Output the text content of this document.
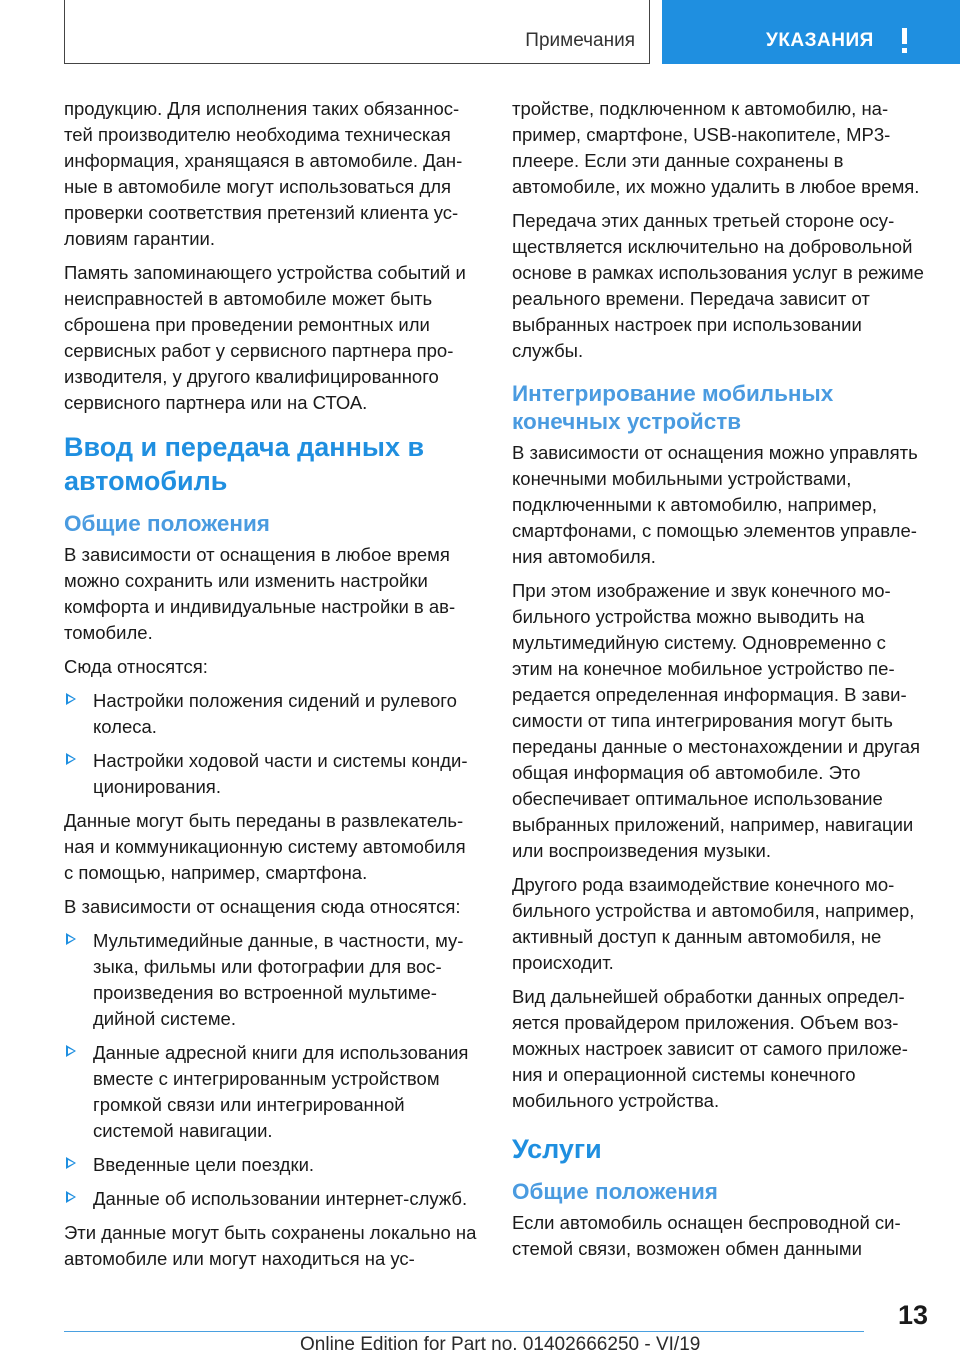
Примечания	УКАЗАНИЯ

продукцию. Для исполнения таких обязанностей производителю необходима техническая информация, хранящаяся в автомобиле. Данные в автомобиле могут использоваться для проверки соответствия претензий клиента условиям гарантии.

Память запоминающего устройства событий и неисправностей в автомобиле может быть сброшена при проведении ремонтных или сервисных работ у сервисного партнера производителя, у другого квалифицированного сервисного партнера или на СТОА.

Ввод и передача данных в автомобиль
Общие положения

В зависимости от оснащения в любое время можно сохранить или изменить настройки комфорта и индивидуальные настройки в автомобиле.

Сюда относятся:

Настройки положения сидений и рулевого колеса.
Настройки ходовой части и системы кондиционирования.

Данные могут быть переданы в развлекательная и коммуникационную систему автомобиля с помощью, например, смартфона.

В зависимости от оснащения сюда относятся:

Мультимедийные данные, в частности, музыка, фильмы или фотографии для воспроизведения во встроенной мультимедийной системе.
Данные адресной книги для использования вместе с интегрированным устройством громкой связи или интегрированной системой навигации.
Введенные цели поездки.
Данные об использовании интернет-служб.

Эти данные могут быть сохранены локально на автомобиле или могут находиться на ус-

тройстве, подключенном к автомобилю, например, смартфоне, USB-накопителе, MP3-плеере. Если эти данные сохранены в автомобиле, их можно удалить в любое время.

Передача этих данных третьей стороне осуществляется исключительно на добровольной основе в рамках использования услуг в режиме реального времени. Передача зависит от выбранных настроек при использовании службы.

Интегрирование мобильных конечных устройств

В зависимости от оснащения можно управлять конечными мобильными устройствами, подключенными к автомобилю, например, смартфонами, с помощью элементов управления автомобиля.

При этом изображение и звук конечного мобильного устройства можно выводить на мультимедийную систему. Одновременно с этим на конечное мобильное устройство передается определенная информация. В зависимости от типа интегрирования могут быть переданы данные о местонахождении и другая общая информация об автомобиле. Это обеспечивает оптимальное использование выбранных приложений, например, навигации или воспроизведения музыки.

Другого рода взаимодействие конечного мобильного устройства и автомобиля, например, активный доступ к данным автомобиля, не происходит.

Вид дальнейшей обработки данных определяется провайдером приложения. Объем возможных настроек зависит от самого приложения и операционной системы конечного мобильного устройства.

Услуги
Общие положения

Если автомобиль оснащен беспроводной системой связи, возможен обмен данными

13
Online Edition for Part no. 01402666250 - VI/19
